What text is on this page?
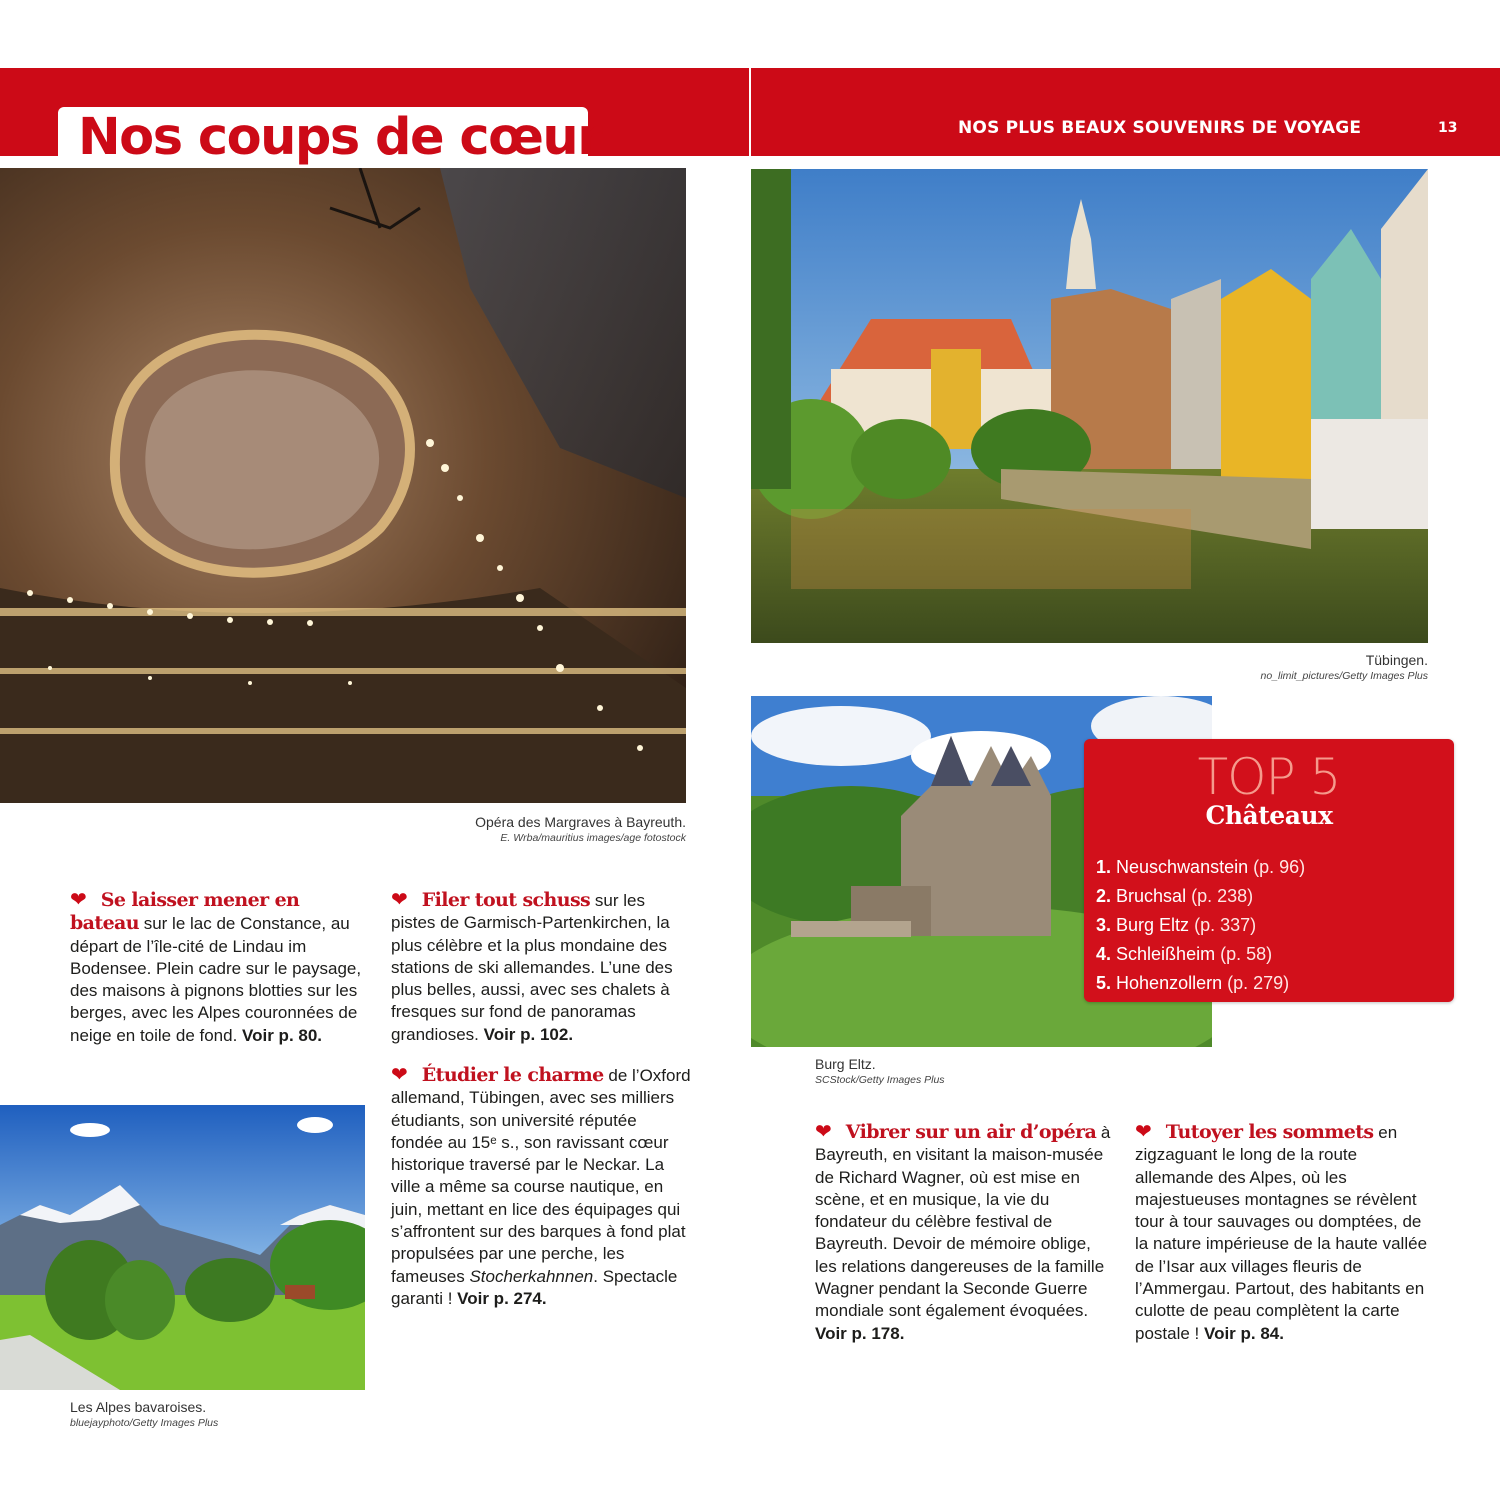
Nos coups de cœur	NOS PLUS BEAUX SOUVENIRS DE VOYAGE	13
Opéra des Margraves à Bayreuth.
E. Wrba/mauritius images/age fotostock
Tübingen.
no_limit_pictures/Getty Images Plus
Burg Eltz.
SCStock/Getty Images Plus
TOP 5
Châteaux
1. Neuschwanstein (p. 96)
2. Bruchsal (p. 238)
3. Burg Eltz (p. 337)
4. Schleißheim (p. 58)
5. Hohenzollern (p. 279)
Les Alpes bavaroises.
bluejayphoto/Getty Images Plus
❤ Se laisser mener en bateau sur le lac de Constance, au départ de l’île-cité de Lindau im Bodensee. Plein cadre sur le paysage, des maisons à pignons blotties sur les berges, avec les Alpes couronnées de neige en toile de fond. Voir p. 80.
❤ Filer tout schuss sur les pistes de Garmisch-Partenkirchen, la plus célèbre et la plus mondaine des stations de ski allemandes. L’une des plus belles, aussi, avec ses chalets à fresques sur fond de panoramas grandioses. Voir p. 102.
❤ Étudier le charme de l’Oxford allemand, Tübingen, avec ses milliers étudiants, son université réputée fondée au 15ᵉ s., son ravissant cœur historique traversé par le Neckar. La ville a même sa course nautique, en juin, mettant en lice des équipages qui s’affrontent sur des barques à fond plat propulsées par une perche, les fameuses Stocherkahnnen. Spectacle garanti ! Voir p. 274.
❤ Vibrer sur un air d’opéra à Bayreuth, en visitant la maison-musée de Richard Wagner, où est mise en scène, et en musique, la vie du fondateur du célèbre festival de Bayreuth. Devoir de mémoire oblige, les relations dangereuses de la famille Wagner pendant la Seconde Guerre mondiale sont également évoquées. Voir p. 178.
❤ Tutoyer les sommets en zigzaguant le long de la route allemande des Alpes, où les majestueuses montagnes se révèlent tour à tour sauvages ou domptées, de la nature impérieuse de la haute vallée de l’Isar aux villages fleuris de l’Ammergau. Partout, des habitants en culotte de peau complètent la carte postale ! Voir p. 84.
